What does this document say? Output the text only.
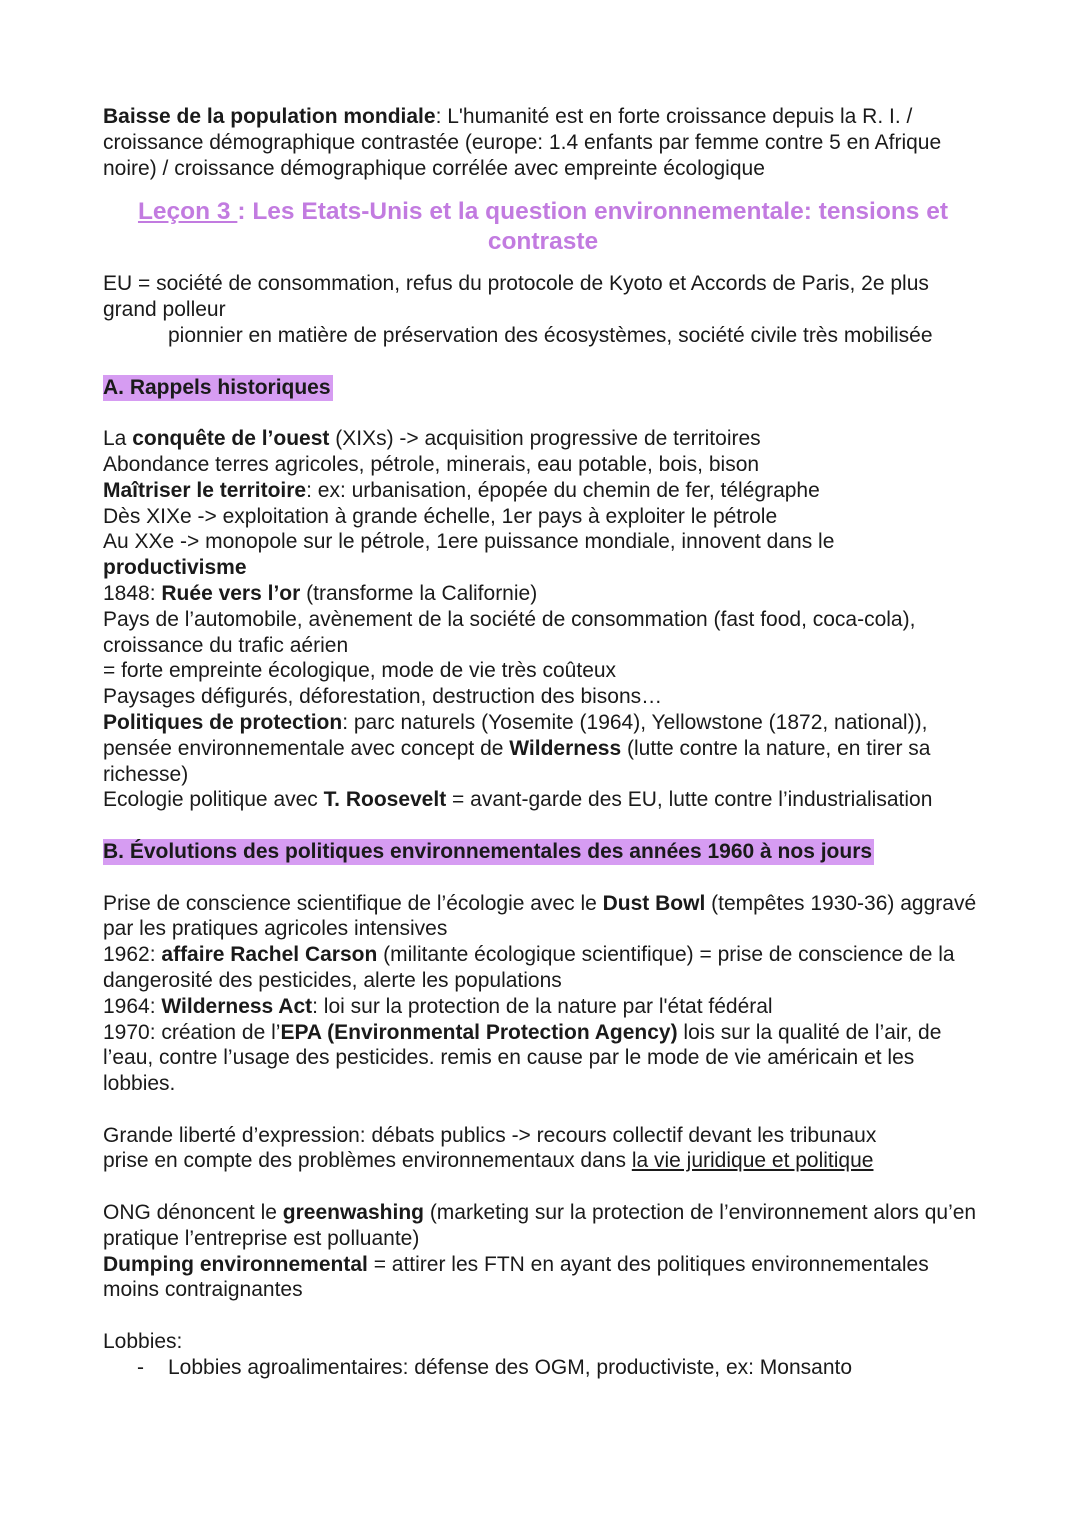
Baisse de la population mondiale: L'humanité est en forte croissance depuis la R. I. / croissance démographique contrastée (europe: 1.4 enfants par femme contre 5 en Afrique noire) / croissance démographique corrélée avec empreinte écologique

Leçon 3 : Les Etats-Unis et la question environnementale: tensions et contraste

EU = société de consommation, refus du protocole de Kyoto et Accords de Paris, 2e plus grand polleur

pionnier en matière de préservation des écosystèmes, société civile très mobilisée

A. Rappels historiques

La conquête de l’ouest (XIXs) -> acquisition progressive de territoires

Abondance terres agricoles, pétrole, minerais, eau potable, bois, bison

Maîtriser le territoire: ex: urbanisation, épopée du chemin de fer, télégraphe

Dès XIXe -> exploitation à grande échelle, 1er pays à exploiter le pétrole

Au XXe -> monopole sur le pétrole, 1ere puissance mondiale, innovent dans le productivisme

1848: Ruée vers l’or (transforme la Californie)

Pays de l’automobile, avènement de la société de consommation (fast food, coca-cola), croissance du trafic aérien

= forte empreinte écologique, mode de vie très coûteux

Paysages défigurés, déforestation, destruction des bisons…

Politiques de protection: parc naturels (Yosemite (1964), Yellowstone (1872, national)), pensée environnementale avec concept de Wilderness (lutte contre la nature, en tirer sa richesse)

Ecologie politique avec T. Roosevelt = avant-garde des EU, lutte contre l’industrialisation

B. Évolutions des politiques environnementales des années 1960 à nos jours

Prise de conscience scientifique de l’écologie avec le Dust Bowl (tempêtes 1930-36) aggravé par les pratiques agricoles intensives

1962: affaire Rachel Carson (militante écologique scientifique) = prise de conscience de la dangerosité des pesticides, alerte les populations

1964: Wilderness Act: loi sur la protection de la nature par l'état fédéral

1970: création de l’EPA (Environmental Protection Agency) lois sur la qualité de l’air, de l’eau, contre l’usage des pesticides. remis en cause par le mode de vie américain et les lobbies.

Grande liberté d’expression: débats publics -> recours collectif devant les tribunaux

prise en compte des problèmes environnementaux dans la vie juridique et politique

ONG dénoncent le greenwashing (marketing sur la protection de l’environnement alors qu’en pratique l’entreprise est polluante)

Dumping environnemental = attirer les FTN en ayant des politiques environnementales moins contraignantes

Lobbies:

- Lobbies agroalimentaires: défense des OGM, productiviste, ex: Monsanto
